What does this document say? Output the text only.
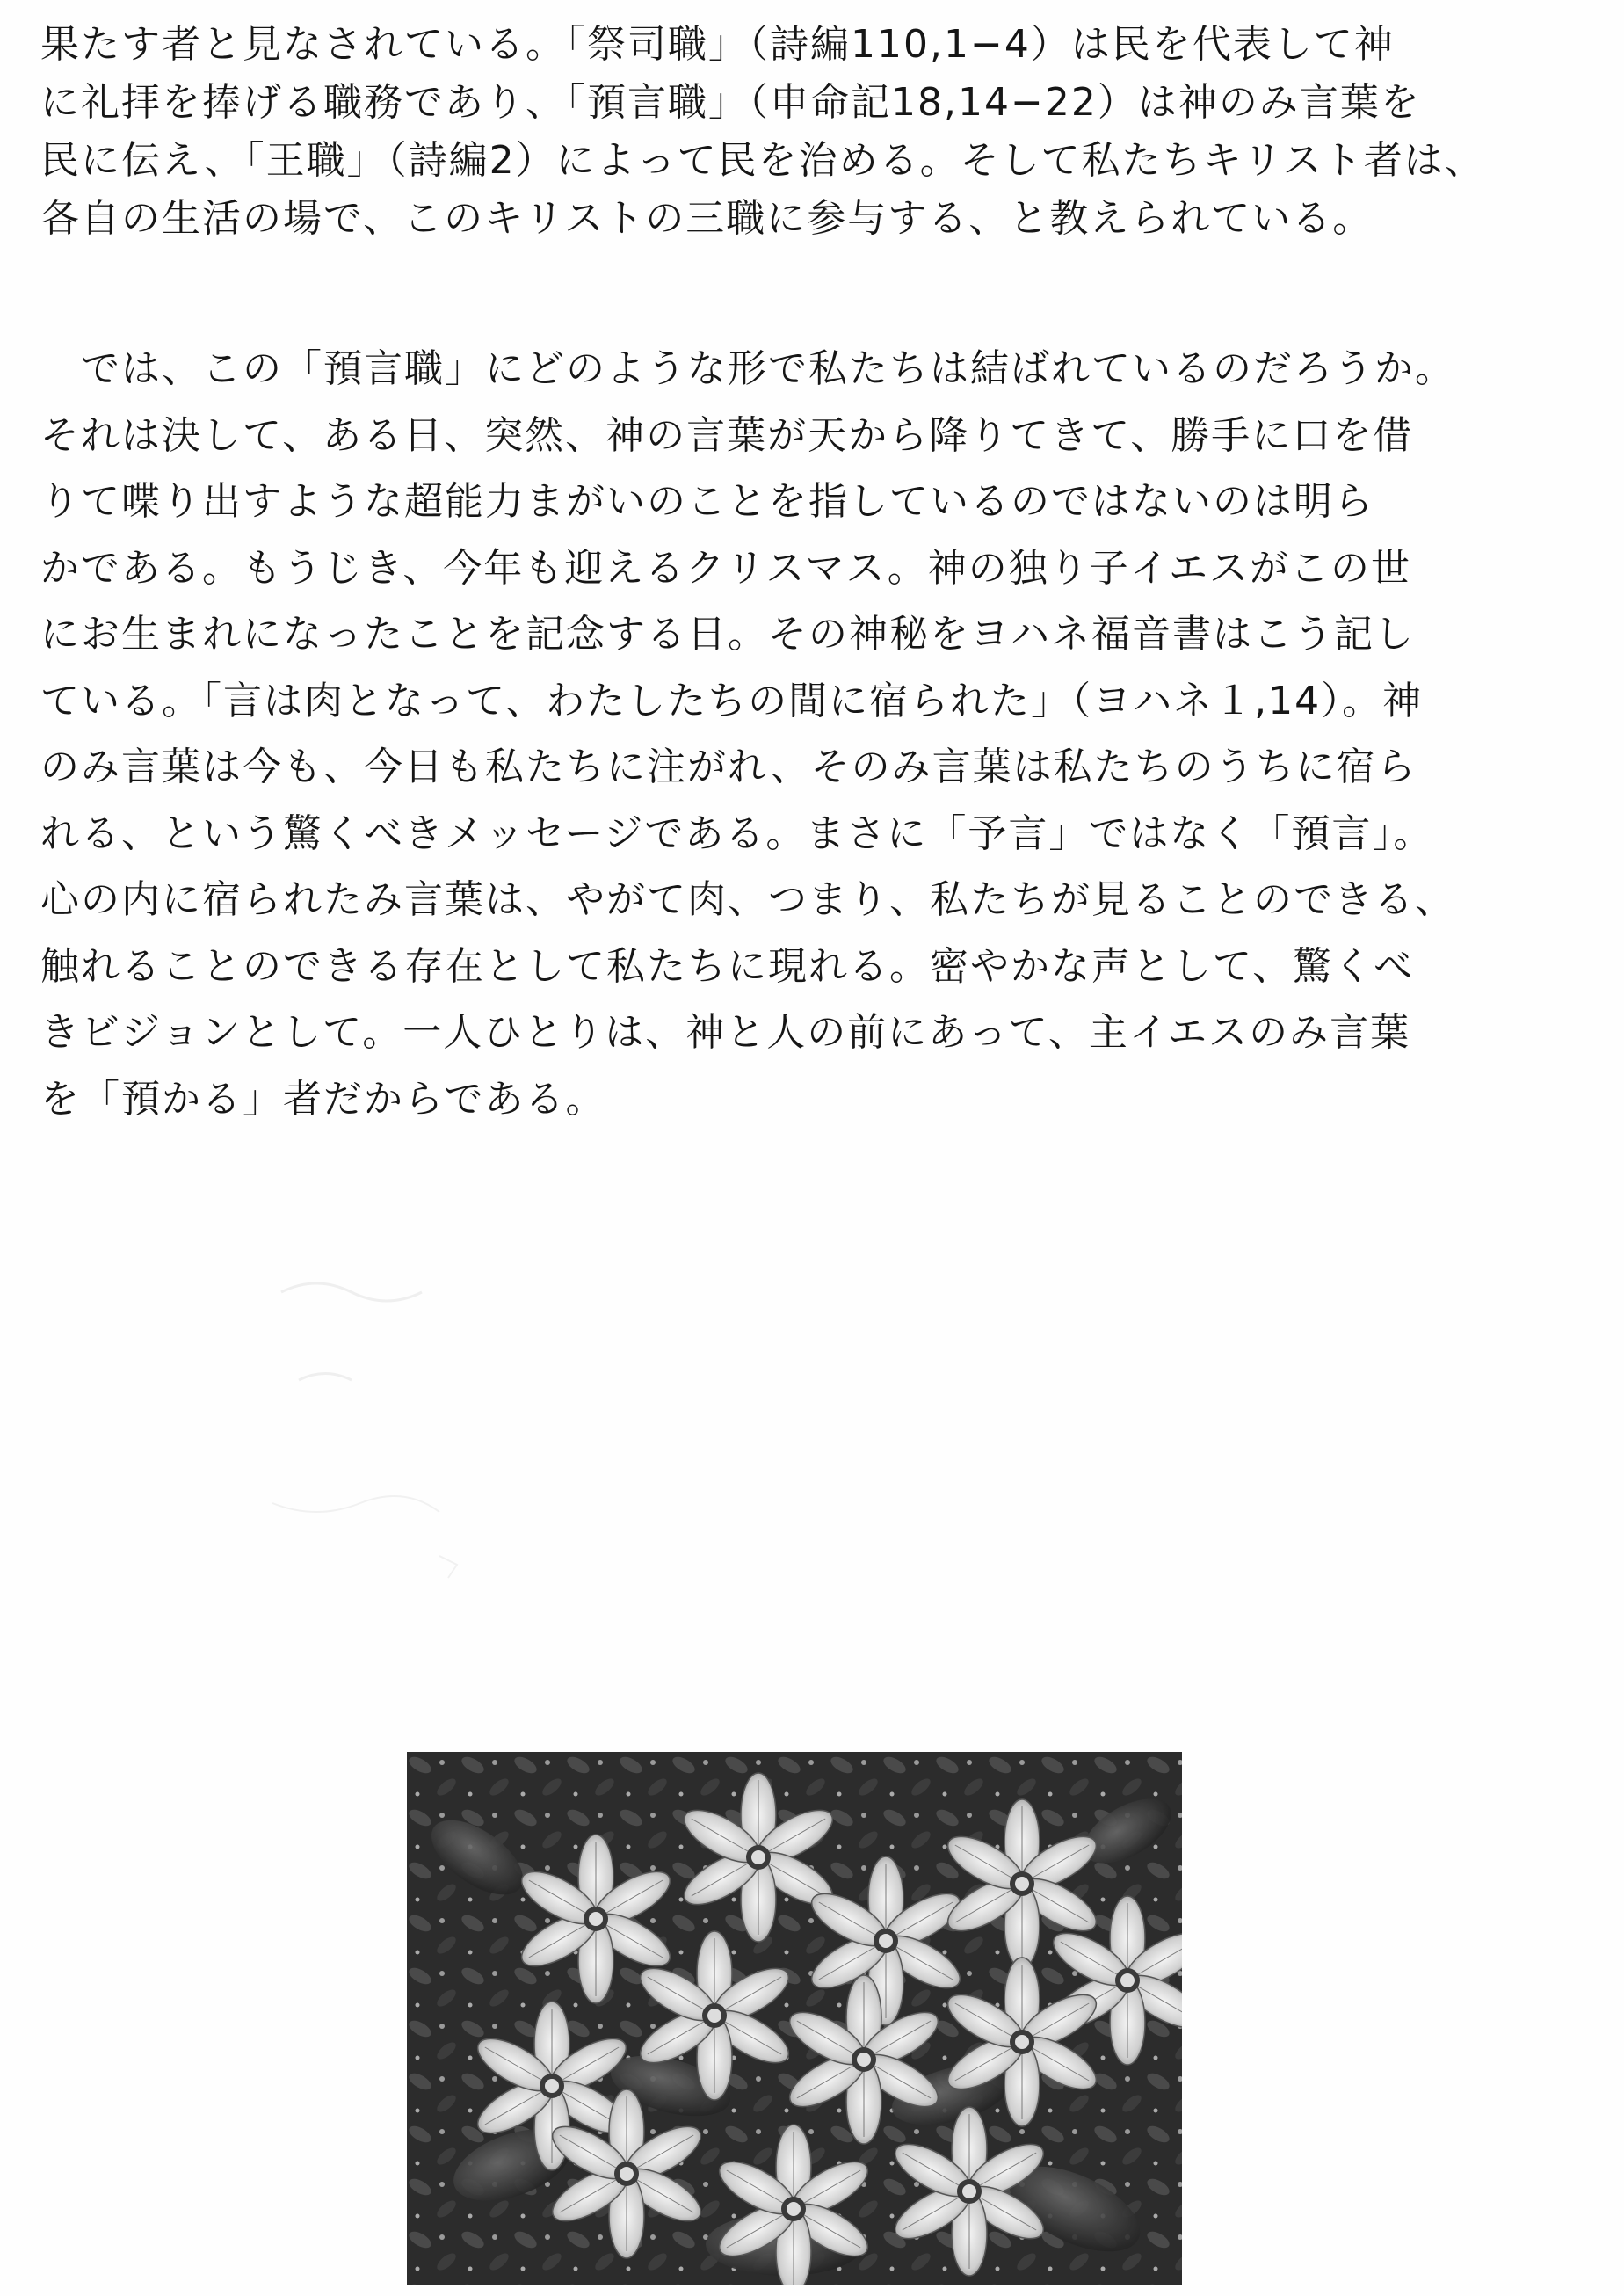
果たす者と見なされている。「祭司職」（詩編110,1−4）は民を代表して神
に礼拝を捧げる職務であり、「預言職」（申命記18,14−22）は神のみ言葉を
民に伝え、「王職」（詩編2）によって民を治める。そして私たちキリスト者は、
各自の生活の場で、このキリストの三職に参与する、と教えられている。
　では、この「預言職」にどのような形で私たちは結ばれているのだろうか。
それは決して、ある日、突然、神の言葉が天から降りてきて、勝手に口を借
りて喋り出すような超能力まがいのことを指しているのではないのは明ら
かである。もうじき、今年も迎えるクリスマス。神の独り子イエスがこの世
にお生まれになったことを記念する日。その神秘をヨハネ福音書はこう記し
ている。「言は肉となって、わたしたちの間に宿られた」（ヨハネ１,14）。神
のみ言葉は今も、今日も私たちに注がれ、そのみ言葉は私たちのうちに宿ら
れる、という驚くべきメッセージである。まさに「予言」ではなく「預言」。
心の内に宿られたみ言葉は、やがて肉、つまり、私たちが見ることのできる、
触れることのできる存在として私たちに現れる。密やかな声として、驚くべ
きビジョンとして。一人ひとりは、神と人の前にあって、主イエスのみ言葉
を「預かる」者だからである。
